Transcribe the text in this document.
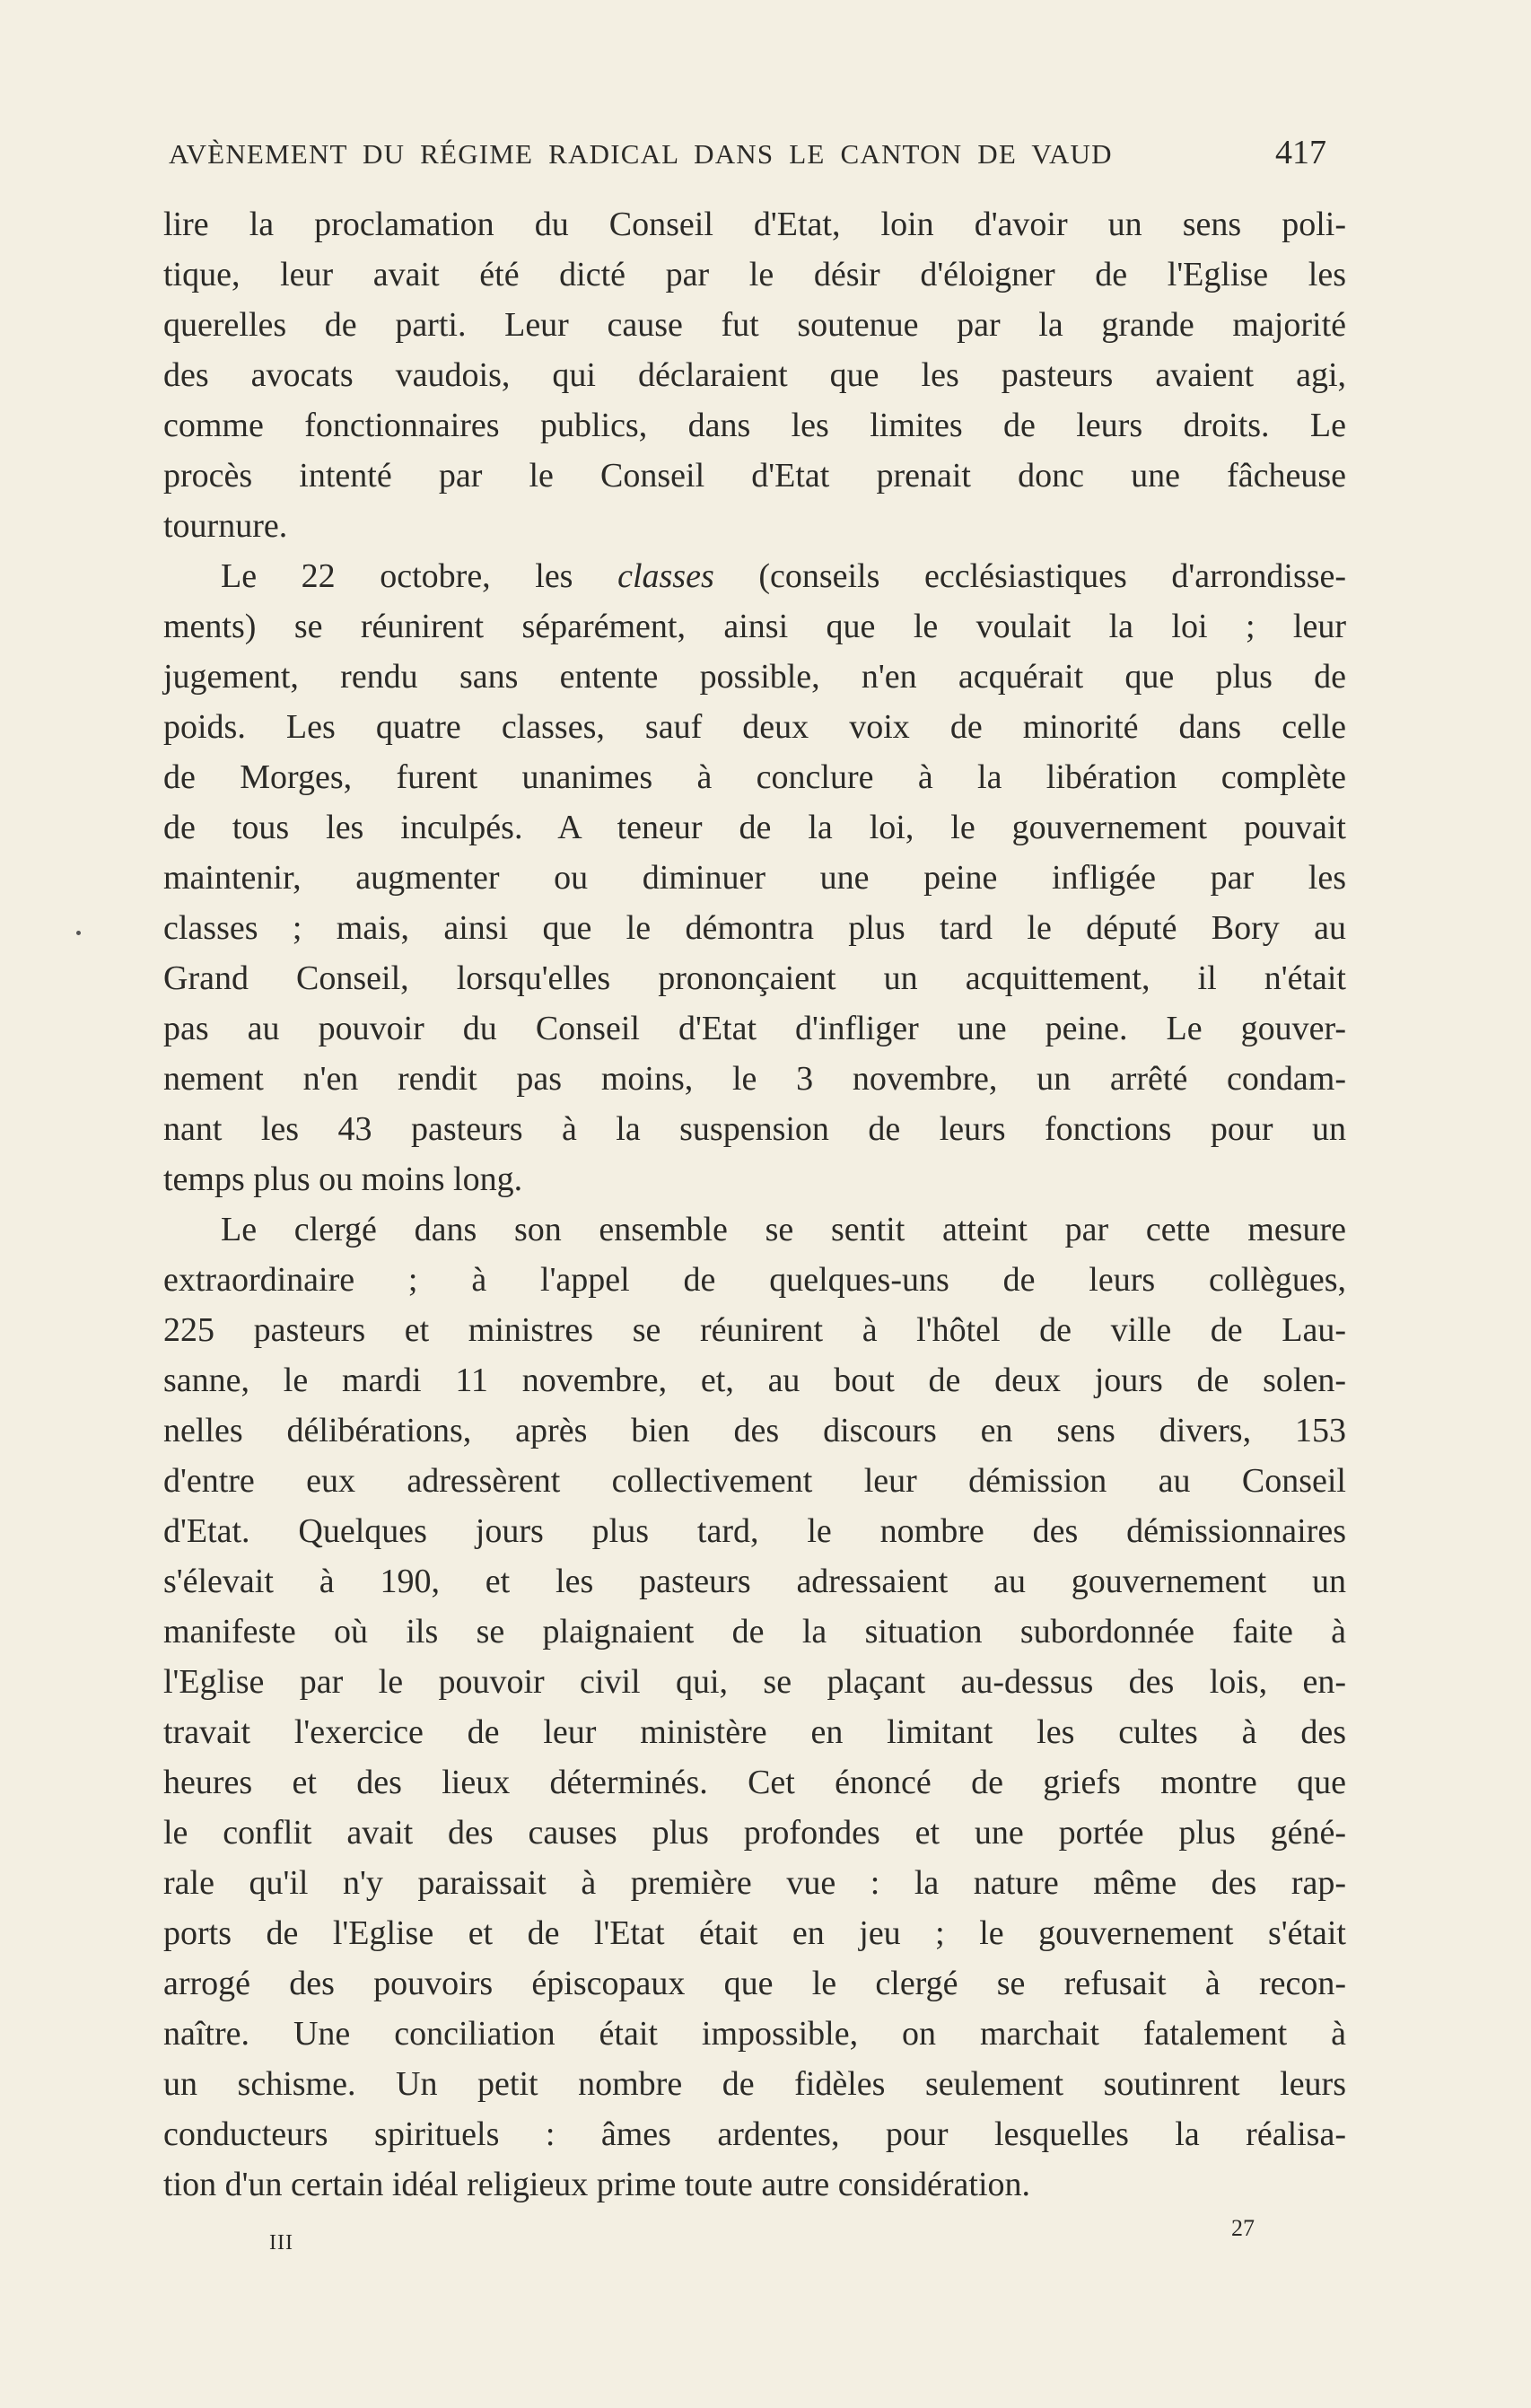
AVÈNEMENT DU RÉGIME RADICAL DANS LE CANTON DE VAUD	417
lire la proclamation du Conseil d'Etat, loin d'avoir un sens poli-
tique, leur avait été dicté par le désir d'éloigner de l'Eglise les
querelles de parti. Leur cause fut soutenue par la grande majorité
des avocats vaudois, qui déclaraient que les pasteurs avaient agi,
comme fonctionnaires publics, dans les limites de leurs droits. Le
procès intenté par le Conseil d'Etat prenait donc une fâcheuse
tournure.
Le 22 octobre, les classes (conseils ecclésiastiques d'arrondisse-
ments) se réunirent séparément, ainsi que le voulait la loi ; leur
jugement, rendu sans entente possible, n'en acquérait que plus de
poids. Les quatre classes, sauf deux voix de minorité dans celle
de Morges, furent unanimes à conclure à la libération complète
de tous les inculpés. A teneur de la loi, le gouvernement pouvait
maintenir, augmenter ou diminuer une peine infligée par les
classes ; mais, ainsi que le démontra plus tard le député Bory au
Grand Conseil, lorsqu'elles prononçaient un acquittement, il n'était
pas au pouvoir du Conseil d'Etat d'infliger une peine. Le gouver-
nement n'en rendit pas moins, le 3 novembre, un arrêté condam-
nant les 43 pasteurs à la suspension de leurs fonctions pour un
temps plus ou moins long.
Le clergé dans son ensemble se sentit atteint par cette mesure
extraordinaire ; à l'appel de quelques-uns de leurs collègues,
225 pasteurs et ministres se réunirent à l'hôtel de ville de Lau-
sanne, le mardi 11 novembre, et, au bout de deux jours de solen-
nelles délibérations, après bien des discours en sens divers, 153
d'entre eux adressèrent collectivement leur démission au Conseil
d'Etat. Quelques jours plus tard, le nombre des démissionnaires
s'élevait à 190, et les pasteurs adressaient au gouvernement un
manifeste où ils se plaignaient de la situation subordonnée faite à
l'Eglise par le pouvoir civil qui, se plaçant au-dessus des lois, en-
travait l'exercice de leur ministère en limitant les cultes à des
heures et des lieux déterminés. Cet énoncé de griefs montre que
le conflit avait des causes plus profondes et une portée plus géné-
rale qu'il n'y paraissait à première vue : la nature même des rap-
ports de l'Eglise et de l'Etat était en jeu ; le gouvernement s'était
arrogé des pouvoirs épiscopaux que le clergé se refusait à recon-
naître. Une conciliation était impossible, on marchait fatalement à
un schisme. Un petit nombre de fidèles seulement soutinrent leurs
conducteurs spirituels : âmes ardentes, pour lesquelles la réalisa-
tion d'un certain idéal religieux prime toute autre considération.
III
27
